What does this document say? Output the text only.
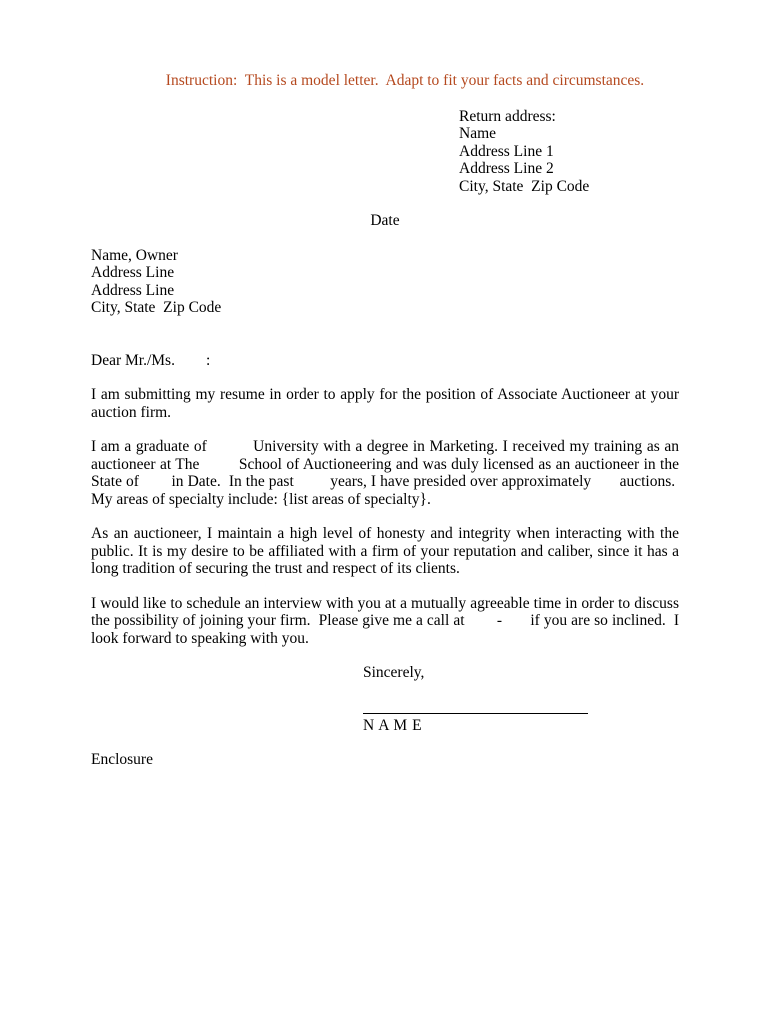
Instruction:  This is a model letter.  Adapt to fit your facts and circumstances.
Return address:
Name
Address Line 1
Address Line 2
City, State  Zip Code
Date
Name, Owner
Address Line
Address Line
City, State  Zip Code
Dear Mr./Ms.        :

I am submitting my resume in order to apply for the position of Associate Auctioneer at your auction firm.

I am a graduate of          University with a degree in Marketing. I received my training as an auctioneer at The         School of Auctioneering and was duly licensed as an auctioneer in the State of        in Date.  In the past         years, I have presided over approximately       auctions.  My areas of specialty include: {list areas of specialty}.

As an auctioneer, I maintain a high level of honesty and integrity when interacting with the public. It is my desire to be affiliated with a firm of your reputation and caliber, since it has a long tradition of securing the trust and respect of its clients.

I would like to schedule an interview with you at a mutually agreeable time in order to discuss the possibility of joining your firm.  Please give me a call at        -       if you are so inclined.  I look forward to speaking with you.

Sincerely,
N A M E
Enclosure
